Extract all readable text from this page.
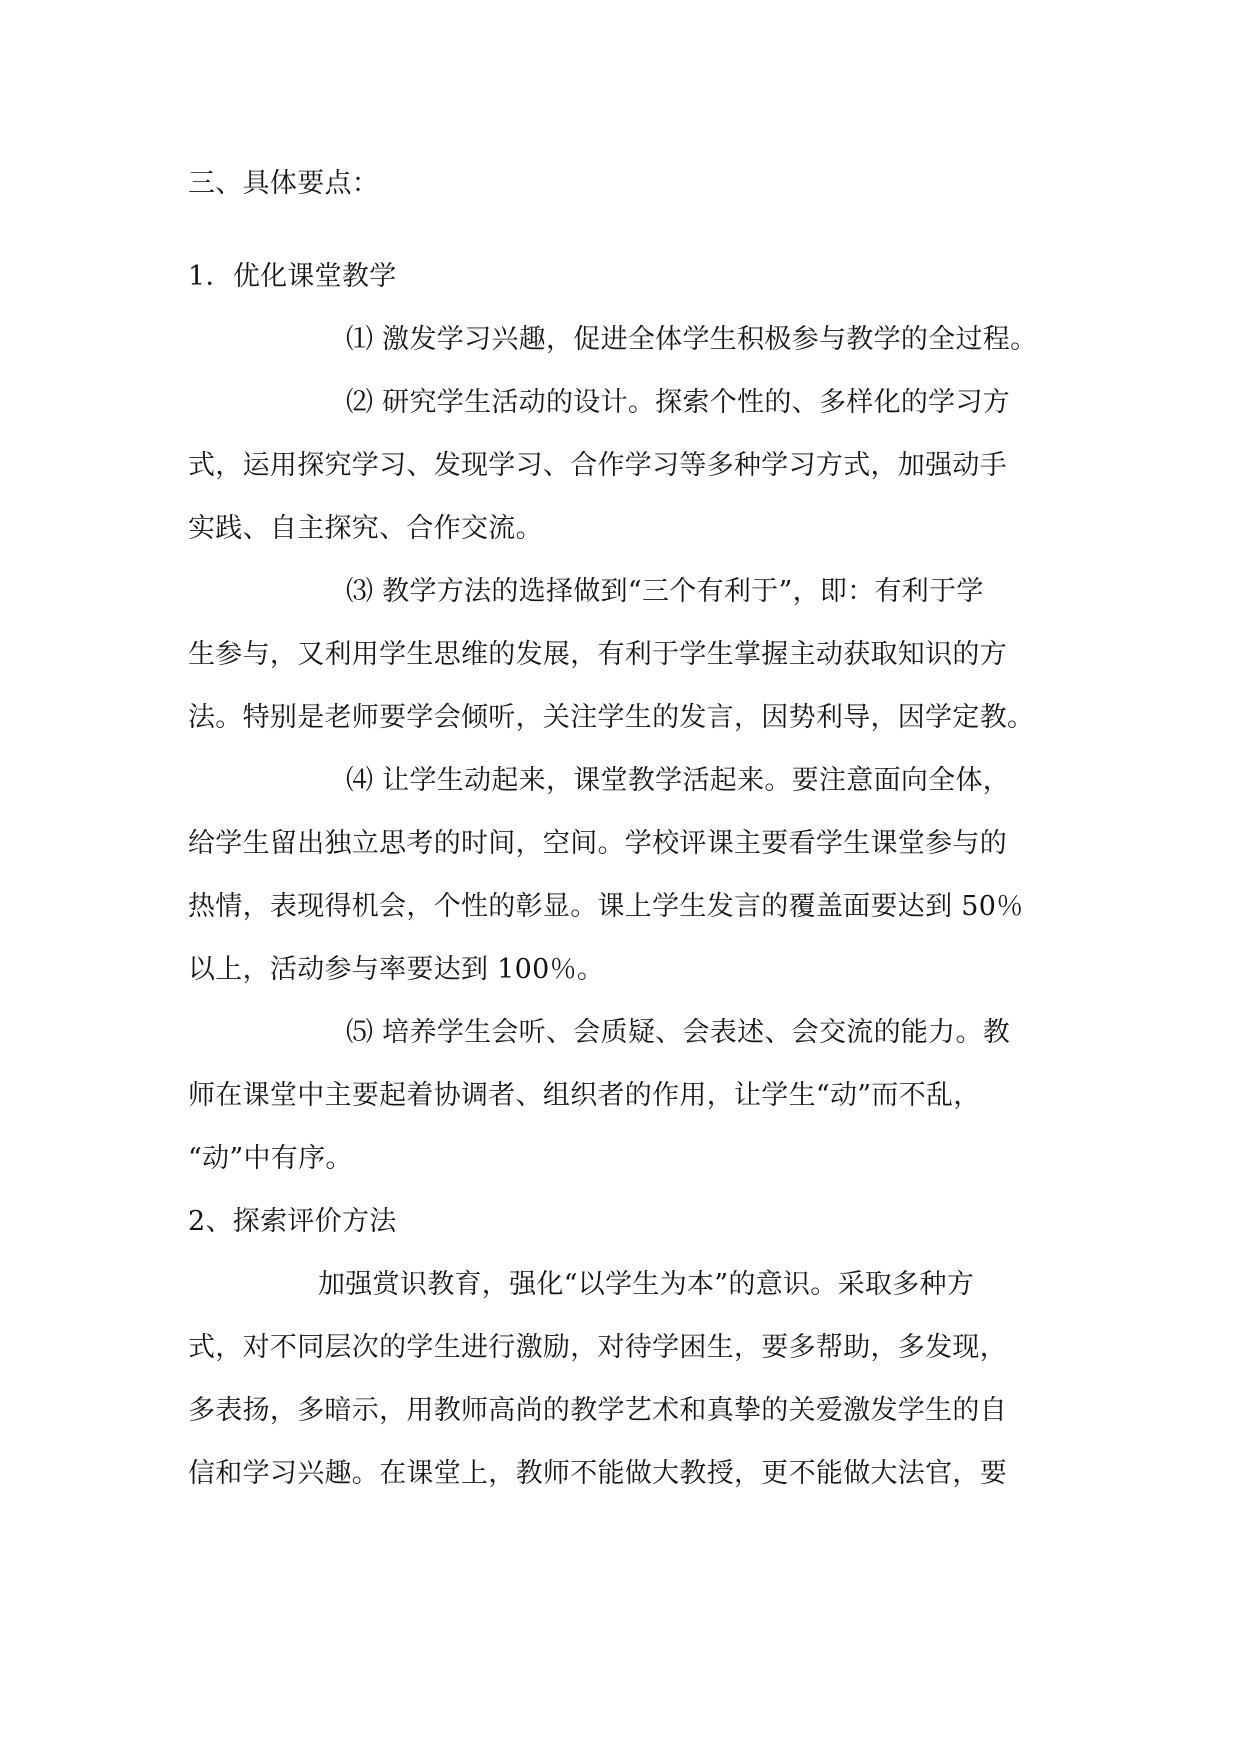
三、具体要点：
1．优化课堂教学
⑴ 激发学习兴趣，促进全体学生积极参与教学的全过程。
⑵ 研究学生活动的设计。探索个性的、多样化的学习方
式，运用探究学习、发现学习、合作学习等多种学习方式，加强动手
实践、自主探究、合作交流。
⑶ 教学方法的选择做到“三个有利于”，即：有利于学
生参与，又利用学生思维的发展，有利于学生掌握主动获取知识的方
法。特别是老师要学会倾听，关注学生的发言，因势利导，因学定教。
⑷ 让学生动起来，课堂教学活起来。要注意面向全体，
给学生留出独立思考的时间，空间。学校评课主要看学生课堂参与的
热情，表现得机会，个性的彰显。课上学生发言的覆盖面要达到 50％
以上，活动参与率要达到 100％。
⑸ 培养学生会听、会质疑、会表述、会交流的能力。教
师在课堂中主要起着协调者、组织者的作用，让学生“动”而不乱，
“动”中有序。
2、探索评价方法
加强赏识教育，强化“以学生为本”的意识。采取多种方
式，对不同层次的学生进行激励，对待学困生，要多帮助，多发现，
多表扬，多暗示，用教师高尚的教学艺术和真挚的关爱激发学生的自
信和学习兴趣。在课堂上，教师不能做大教授，更不能做大法官，要
